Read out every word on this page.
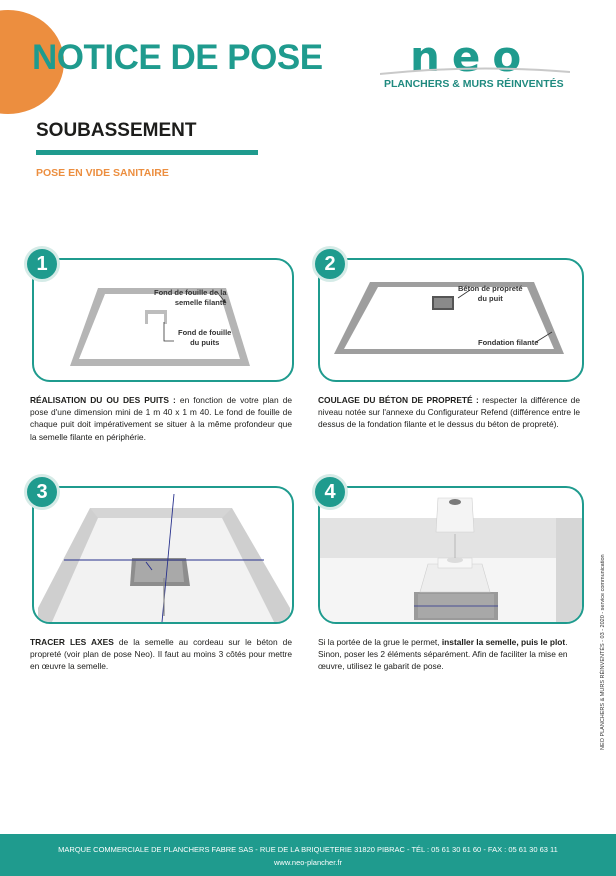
NOTICE DE POSE neo
PLANCHERS & MURS RÉINVENTÉS
SOUBASSEMENT
POSE EN VIDE SANITAIRE
Fond de fouille de la
semelle filante
Fond de fouille
du puits
1
RÉALISATION DU OU DES PUITS : en fonction de votre plan de pose d'une dimension mini de 1 m 40 x 1 m 40. Le fond de fouille de chaque puit doit impérativement se situer à la même profondeur que la semelle filante en périphérie.
Béton de propreté
du puit
Fondation filante
2
COULAGE DU BÉTON DE PROPRETÉ : respecter la différence de niveau notée sur l'annexe du Configurateur Refend (différence entre le dessus de la fondation filante et le dessus du béton de propreté).
3
TRACER LES AXES de la semelle au cordeau sur le béton de propreté (voir plan de pose Neo). Il faut au moins 3 côtés pour mettre en œuvre la semelle.
4
Si la portée de la grue le permet, installer la semelle, puis le plot. Sinon, poser les 2 éléments séparément. Afin de faciliter la mise en œuvre, utilisez le gabarit de pose.	NEO PLANCHERS & MURS RÉINVENTÉS - 03 - 2020 - service communication
MARQUE COMMERCIALE DE PLANCHERS FABRE SAS - RUE DE LA BRIQUETERIE 31820 PIBRAC - TÉL : 05 61 30 61 60 - FAX : 05 61 30 63 11
www.neo-plancher.fr
